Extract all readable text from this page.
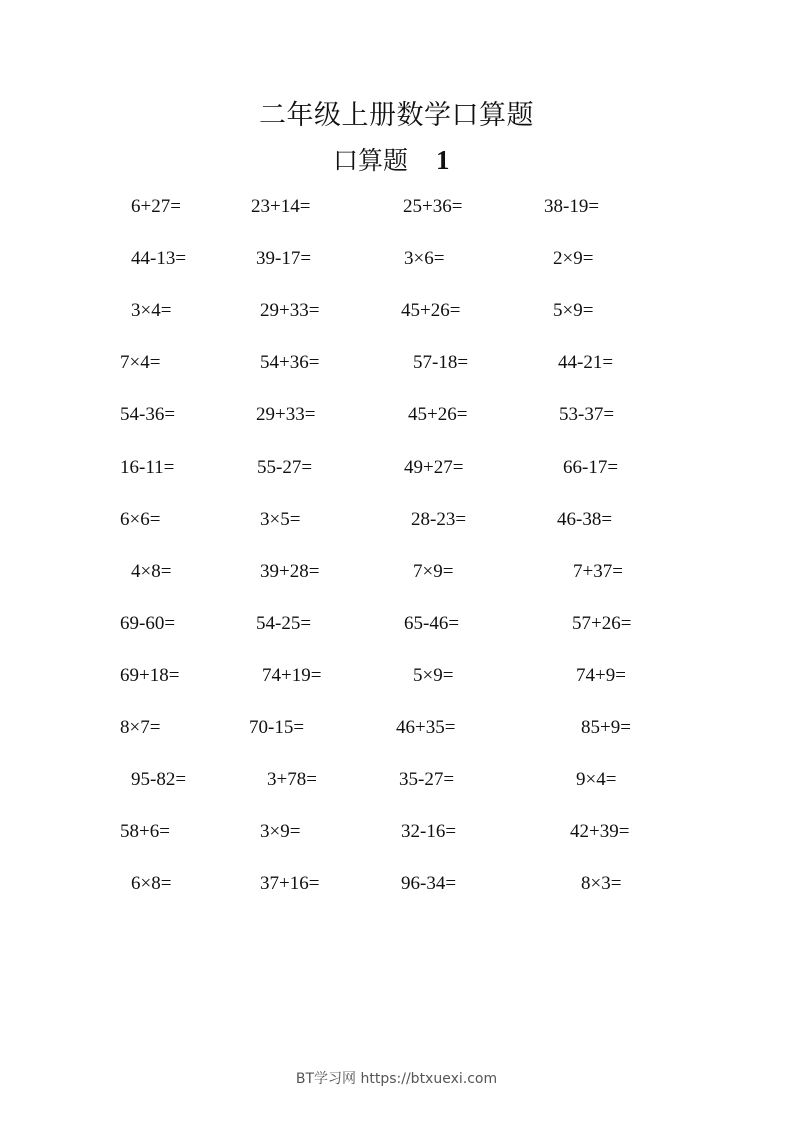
二年级上册数学口算题
口算题 1
6+27=	23+14=	25+36=	38-19=
44-13=	39-17=	3×6=	2×9=
3×4=	29+33=	45+26=	5×9=
7×4=	54+36=	57-18=	44-21=
54-36=	29+33=	45+26=	53-37=
16-11=	55-27=	49+27=	66-17=
6×6=	3×5=	28-23=	46-38=
4×8=	39+28=	7×9=	7+37=
69-60=	54-25=	65-46=	57+26=
69+18=	74+19=	5×9=	74+9=
8×7=	70-15=	46+35=	85+9=
95-82=	3+78=	35-27=	9×4=
58+6=	3×9=	32-16=	42+39=
6×8=	37+16=	96-34=	8×3=
BT学习网 https://btxuexi.com
